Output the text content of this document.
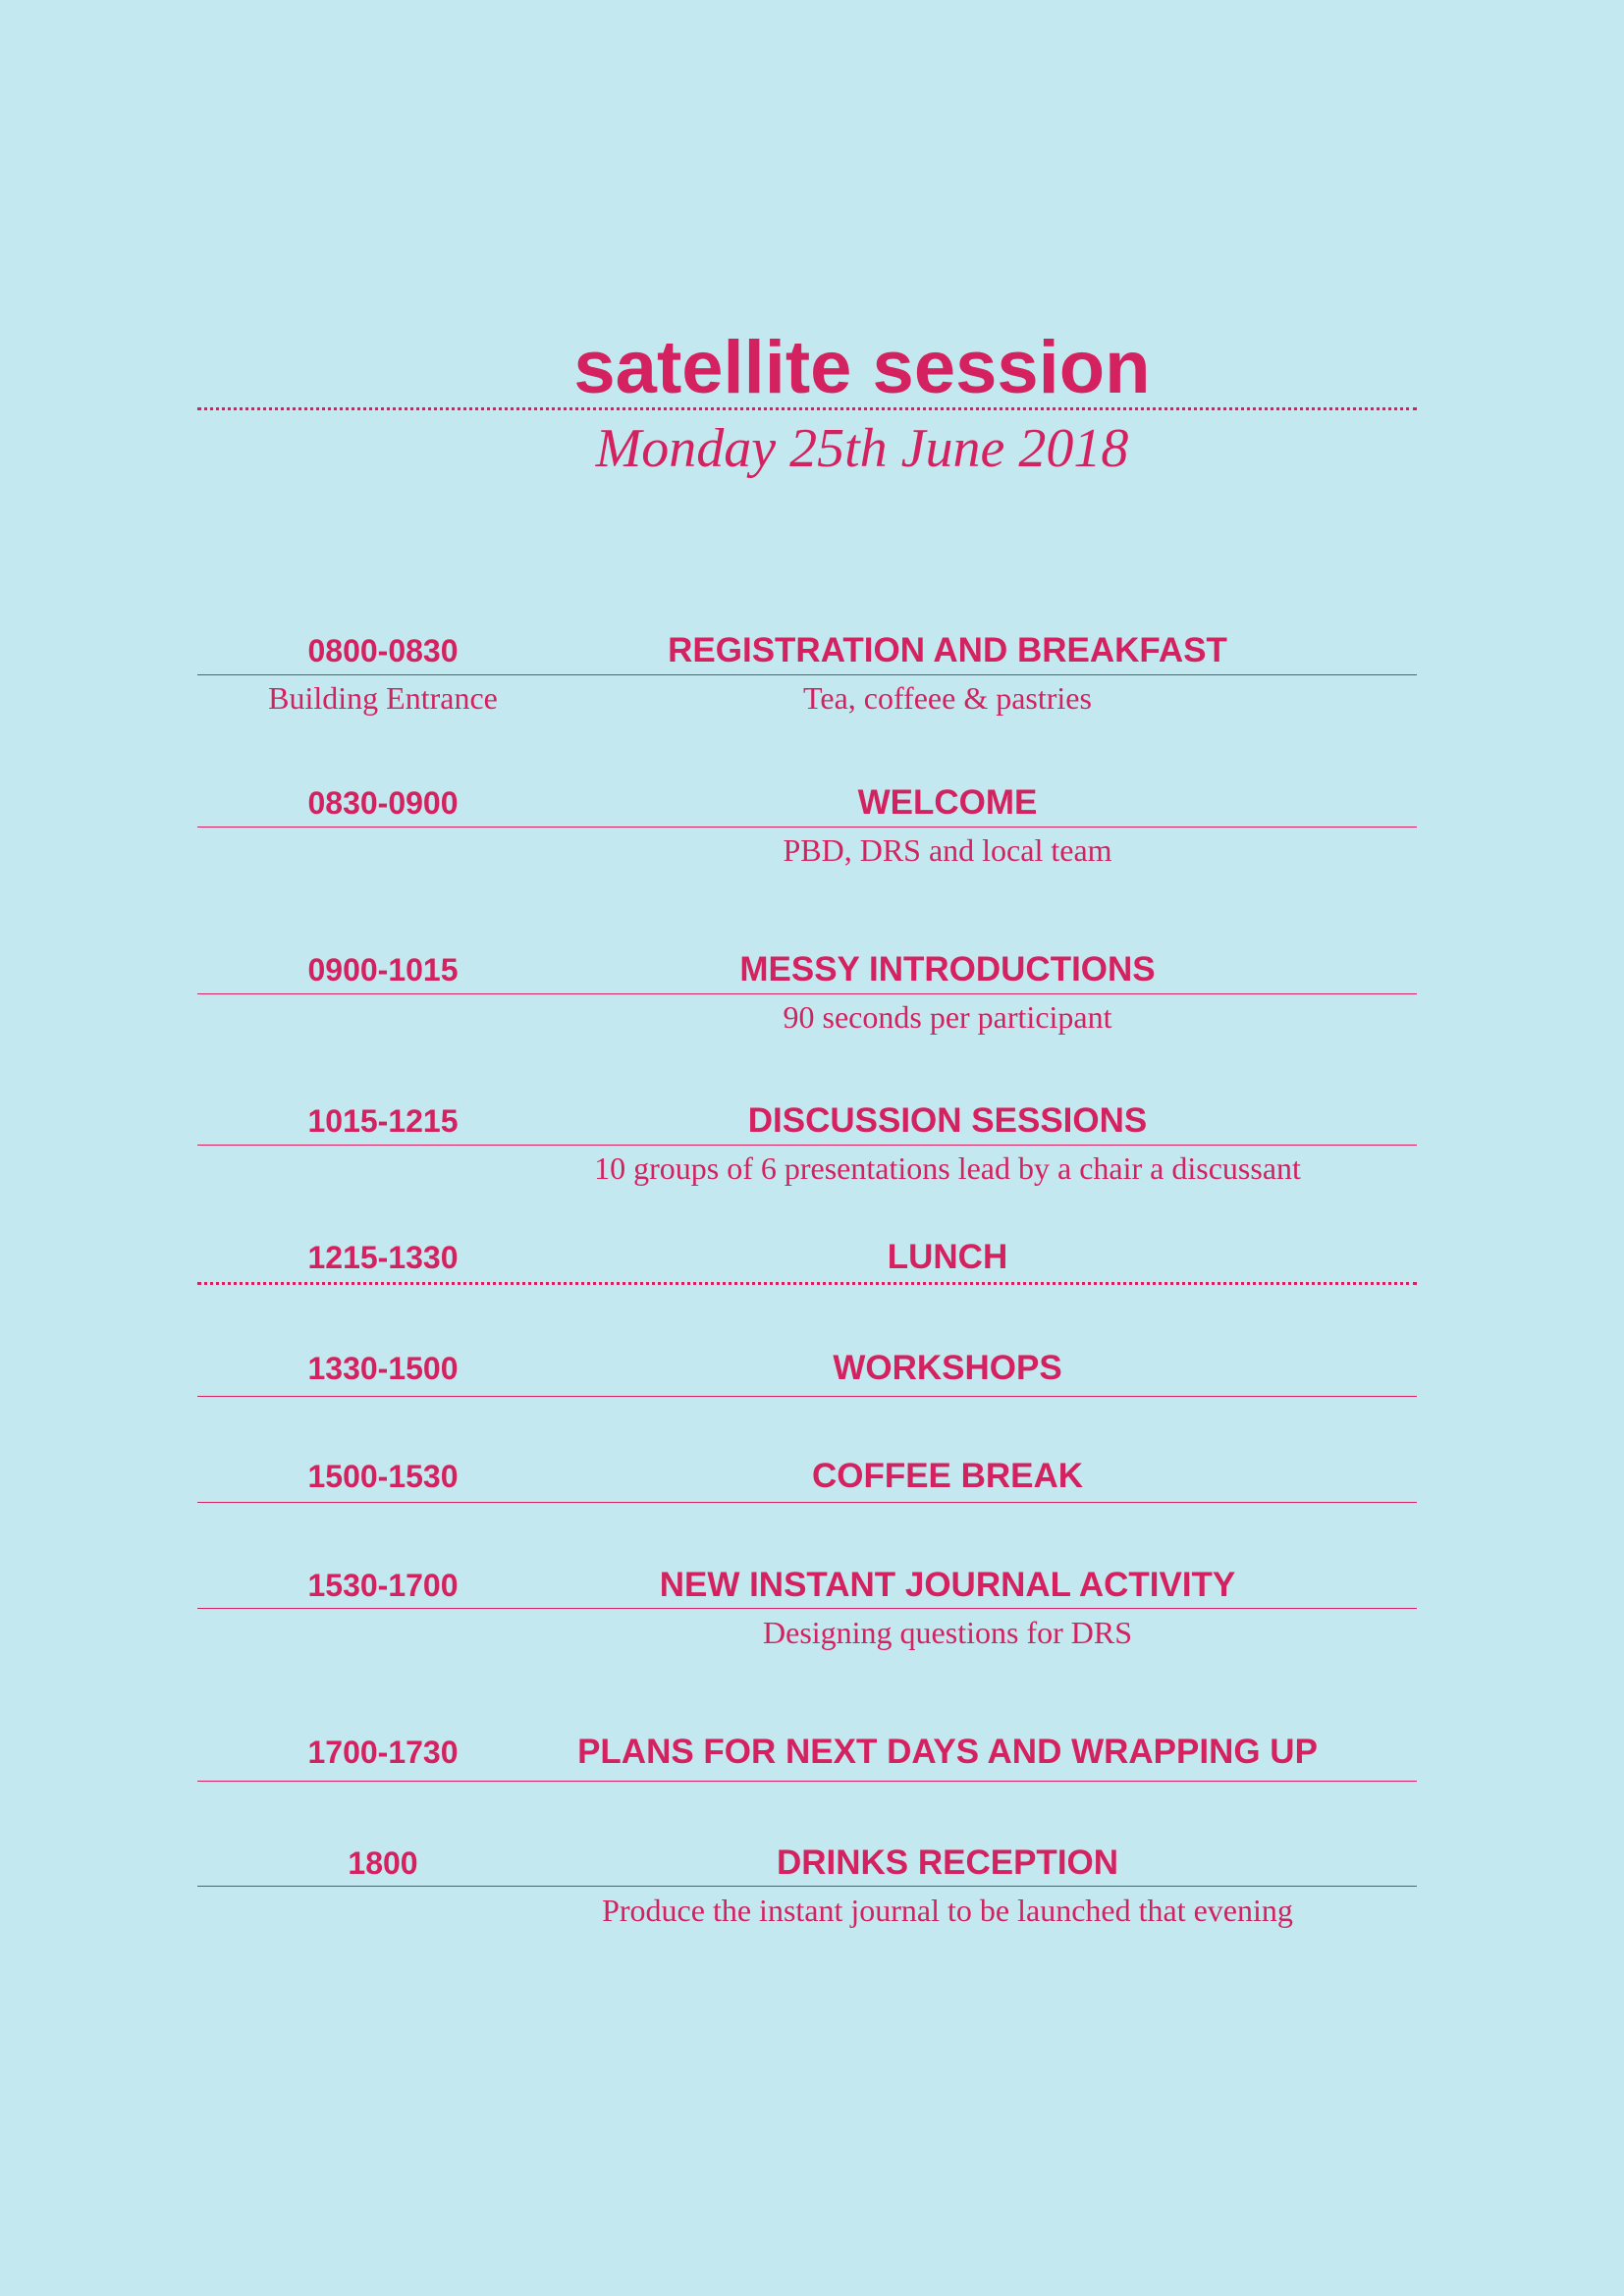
satellite session
Monday 25th June 2018
0800-0830	REGISTRATION AND BREAKFAST
Building Entrance	Tea, coffeee & pastries
0830-0900	WELCOME
PBD, DRS and local team
0900-1015	MESSY INTRODUCTIONS
90 seconds per participant
1015-1215	DISCUSSION SESSIONS
10 groups of 6 presentations lead by a chair a discussant
1215-1330	LUNCH
1330-1500	WORKSHOPS
1500-1530	COFFEE BREAK
1530-1700	NEW INSTANT JOURNAL ACTIVITY
Designing questions for DRS
1700-1730	PLANS FOR NEXT DAYS AND WRAPPING UP
1800	DRINKS RECEPTION
Produce the instant journal to be launched that evening
